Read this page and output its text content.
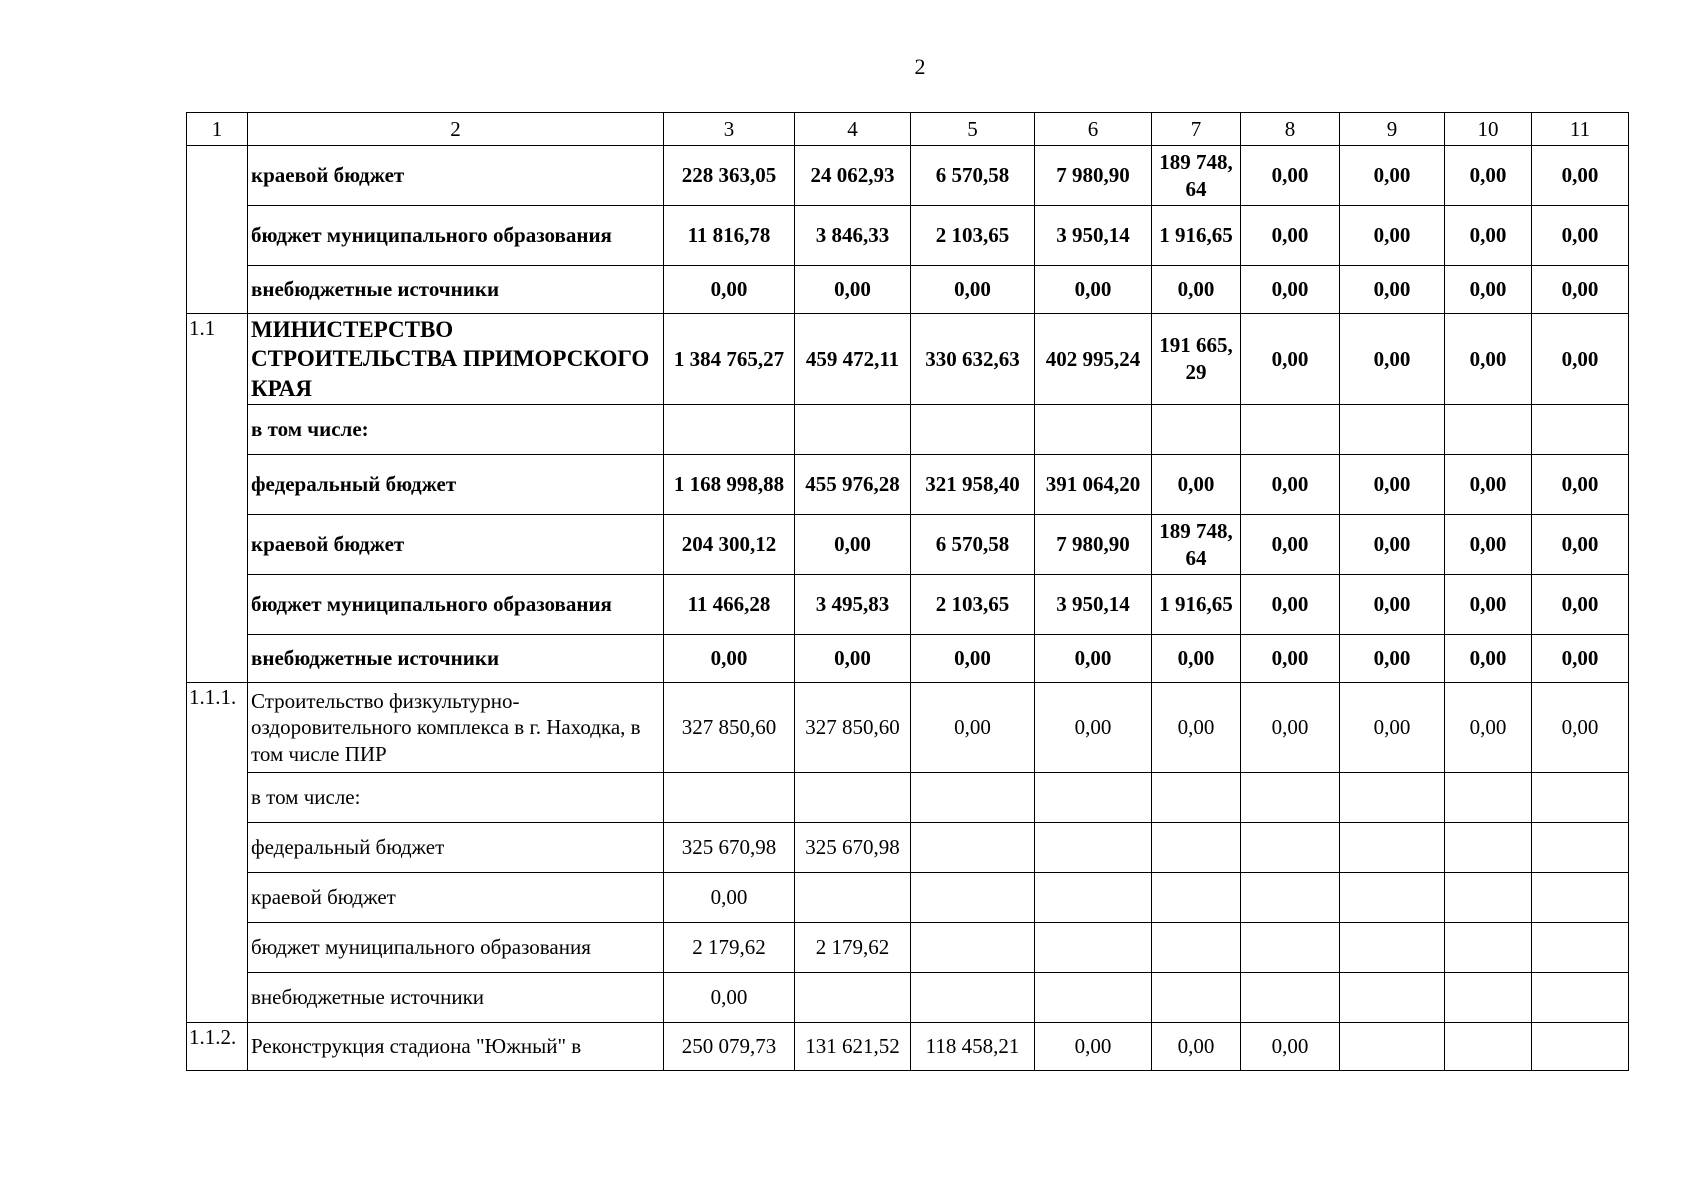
2
1	2	3	4	5	6	7	8	9	10	11
	краевой бюджет	228 363,05	24 062,93	6 570,58	7 980,90	189 748,64	0,00	0,00	0,00	0,00
	бюджет муниципального образования	11 816,78	3 846,33	2 103,65	3 950,14	1 916,65	0,00	0,00	0,00	0,00
	внебюджетные источники	0,00	0,00	0,00	0,00	0,00	0,00	0,00	0,00	0,00
1.1	МИНИСТЕРСТВО СТРОИТЕЛЬСТВА ПРИМОРСКОГО КРАЯ	1 384 765,27	459 472,11	330 632,63	402 995,24	191 665,29	0,00	0,00	0,00	0,00
	в том числе:									
	федеральный бюджет	1 168 998,88	455 976,28	321 958,40	391 064,20	0,00	0,00	0,00	0,00	0,00
	краевой бюджет	204 300,12	0,00	6 570,58	7 980,90	189 748,64	0,00	0,00	0,00	0,00
	бюджет муниципального образования	11 466,28	3 495,83	2 103,65	3 950,14	1 916,65	0,00	0,00	0,00	0,00
	внебюджетные источники	0,00	0,00	0,00	0,00	0,00	0,00	0,00	0,00	0,00
1.1.1.	Строительство физкультурно-оздоровительного комплекса в г. Находка, в том числе ПИР	327 850,60	327 850,60	0,00	0,00	0,00	0,00	0,00	0,00	0,00
	в том числе:									
	федеральный бюджет	325 670,98	325 670,98							
	краевой бюджет	0,00								
	бюджет муниципального образования	2 179,62	2 179,62							
	внебюджетные источники	0,00								
1.1.2.	Реконструкция стадиона "Южный" в	250 079,73	131 621,52	118 458,21	0,00	0,00	0,00			
